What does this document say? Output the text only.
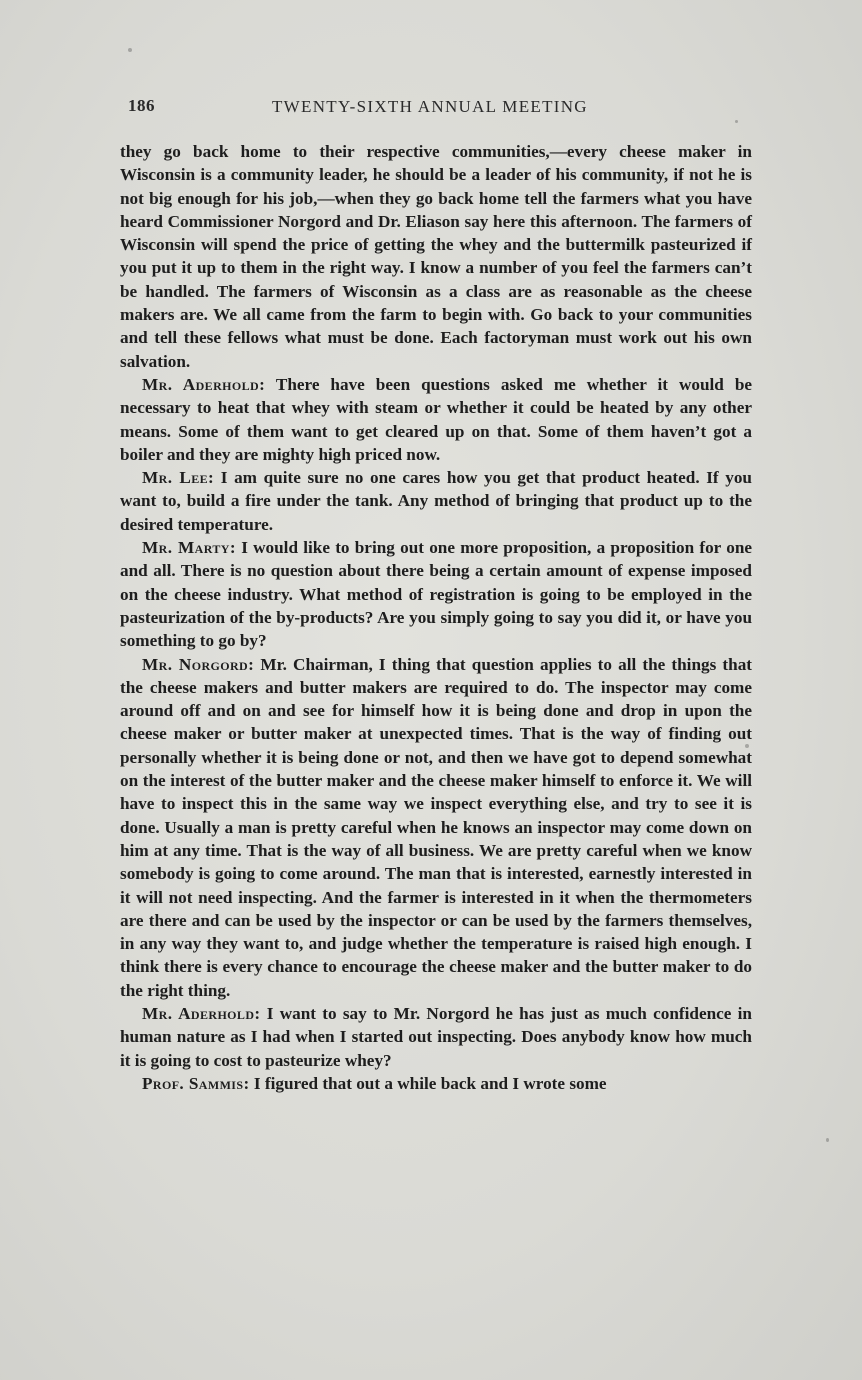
186	TWENTY-SIXTH ANNUAL MEETING

they go back home to their respective communities,—every cheese maker in Wisconsin is a community leader, he should be a leader of his community, if not he is not big enough for his job,—when they go back home tell the farmers what you have heard Commissioner Norgord and Dr. Eliason say here this afternoon. The farmers of Wisconsin will spend the price of getting the whey and the buttermilk pasteurized if you put it up to them in the right way. I know a number of you feel the farmers can’t be handled. The farmers of Wisconsin as a class are as reasonable as the cheese makers are. We all came from the farm to begin with. Go back to your communities and tell these fellows what must be done. Each factoryman must work out his own salvation.

Mr. Aderhold: There have been questions asked me whether it would be necessary to heat that whey with steam or whether it could be heated by any other means. Some of them want to get cleared up on that. Some of them haven’t got a boiler and they are mighty high priced now.

Mr. Lee: I am quite sure no one cares how you get that product heated. If you want to, build a fire under the tank. Any method of bringing that product up to the desired temperature.

Mr. Marty: I would like to bring out one more proposition, a proposition for one and all. There is no question about there being a certain amount of expense imposed on the cheese industry. What method of registration is going to be employed in the pasteurization of the by-products? Are you simply going to say you did it, or have you something to go by?

Mr. Norgord: Mr. Chairman, I thing that question applies to all the things that the cheese makers and butter makers are required to do. The inspector may come around off and on and see for himself how it is being done and drop in upon the cheese maker or butter maker at unexpected times. That is the way of finding out personally whether it is being done or not, and then we have got to depend somewhat on the interest of the butter maker and the cheese maker himself to enforce it. We will have to inspect this in the same way we inspect everything else, and try to see it is done. Usually a man is pretty careful when he knows an inspector may come down on him at any time. That is the way of all business. We are pretty careful when we know somebody is going to come around. The man that is interested, earnestly interested in it will not need inspecting. And the farmer is interested in it when the thermometers are there and can be used by the inspector or can be used by the farmers themselves, in any way they want to, and judge whether the temperature is raised high enough. I think there is every chance to encourage the cheese maker and the butter maker to do the right thing.

Mr. Aderhold: I want to say to Mr. Norgord he has just as much confidence in human nature as I had when I started out inspecting. Does anybody know how much it is going to cost to pasteurize whey?

Prof. Sammis: I figured that out a while back and I wrote some
